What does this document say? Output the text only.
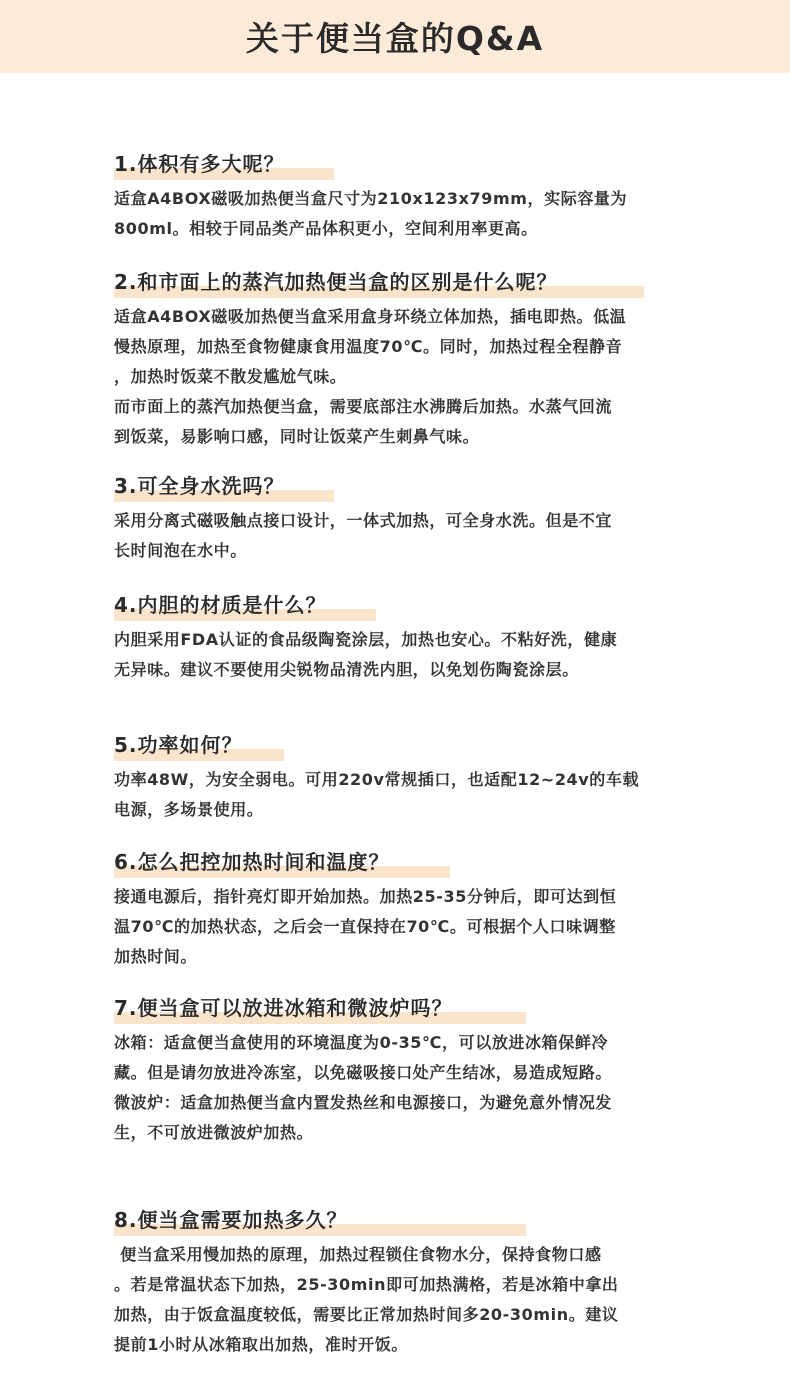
关于便当盒的Q&A
1.体积有多大呢？

适盒A4BOX磁吸加热便当盒尺寸为210x123x79mm，实际容量为

800ml。相较于同品类产品体积更小，空间利用率更高。

2.和市面上的蒸汽加热便当盒的区别是什么呢？

适盒A4BOX磁吸加热便当盒采用盒身环绕立体加热，插电即热。低温

慢热原理，加热至食物健康食用温度70℃。同时，加热过程全程静音

，加热时饭菜不散发尴尬气味。

而市面上的蒸汽加热便当盒，需要底部注水沸腾后加热。水蒸气回流

到饭菜，易影响口感，同时让饭菜产生刺鼻气味。

3.可全身水洗吗？

采用分离式磁吸触点接口设计，一体式加热，可全身水洗。但是不宜

长时间泡在水中。

4.内胆的材质是什么？

内胆采用FDA认证的食品级陶瓷涂层，加热也安心。不粘好洗，健康

无异味。建议不要使用尖锐物品清洗内胆，以免划伤陶瓷涂层。

5.功率如何？

功率48W，为安全弱电。可用220v常规插口，也适配12~24v的车载

电源，多场景使用。

6.怎么把控加热时间和温度？

接通电源后，指针亮灯即开始加热。加热25-35分钟后，即可达到恒

温70℃的加热状态，之后会一直保持在70℃。可根据个人口味调整

加热时间。

7.便当盒可以放进冰箱和微波炉吗？

冰箱：适盒便当盒使用的环境温度为0-35℃，可以放进冰箱保鲜冷

藏。但是请勿放进冷冻室，以免磁吸接口处产生结冰，易造成短路。

微波炉：适盒加热便当盒内置发热丝和电源接口，为避免意外情况发

生，不可放进微波炉加热。

8.便当盒需要加热多久？

便当盒采用慢加热的原理，加热过程锁住食物水分，保持食物口感

。若是常温状态下加热，25-30min即可加热满格，若是冰箱中拿出

加热，由于饭盒温度较低，需要比正常加热时间多20-30min。建议

提前1小时从冰箱取出加热，准时开饭。
